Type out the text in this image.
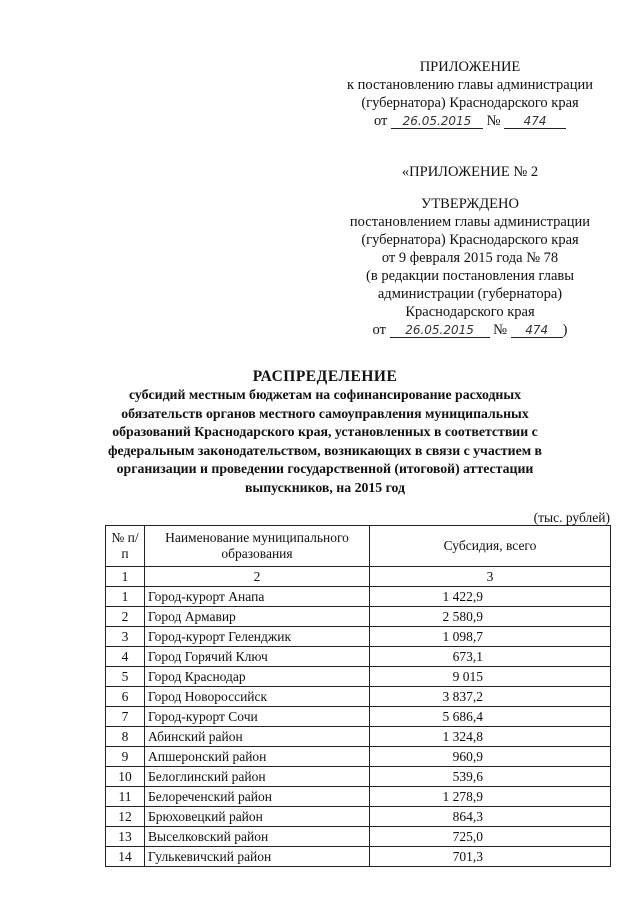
ПРИЛОЖЕНИЕ
к постановлению главы администрации
(губернатора) Краснодарского края
от 26.05.2015 № 474
«ПРИЛОЖЕНИЕ № 2
УТВЕРЖДЕНО
постановлением главы администрации
(губернатора) Краснодарского края
от 9 февраля 2015 года № 78
(в редакции постановления главы
администрации (губернатора)
Краснодарского края
от 26.05.2015 № 474 )
РАСПРЕДЕЛЕНИЕ
субсидий местным бюджетам на софинансирование расходных
обязательств органов местного самоуправления муниципальных
образований Краснодарского края, установленных в соответствии с
федеральным законодательством, возникающих в связи с участием в
организации и проведении государственной (итоговой) аттестации
выпускников, на 2015 год
(тыс. рублей)
№ п/п	Наименование муниципального образования	Субсидия, всего
1	2	3
1	Город-курорт Анапа	1 422,9
2	Город Армавир	2 580,9
3	Город-курорт Геленджик	1 098,7
4	Город Горячий Ключ	673,1
5	Город Краснодар	9 015
6	Город Новороссийск	3 837,2
7	Город-курорт Сочи	5 686,4
8	Абинский район	1 324,8
9	Апшеронский район	960,9
10	Белоглинский район	539,6
11	Белореченский район	1 278,9
12	Брюховецкий район	864,3
13	Выселковский район	725,0
14	Гулькевичский район	701,3
